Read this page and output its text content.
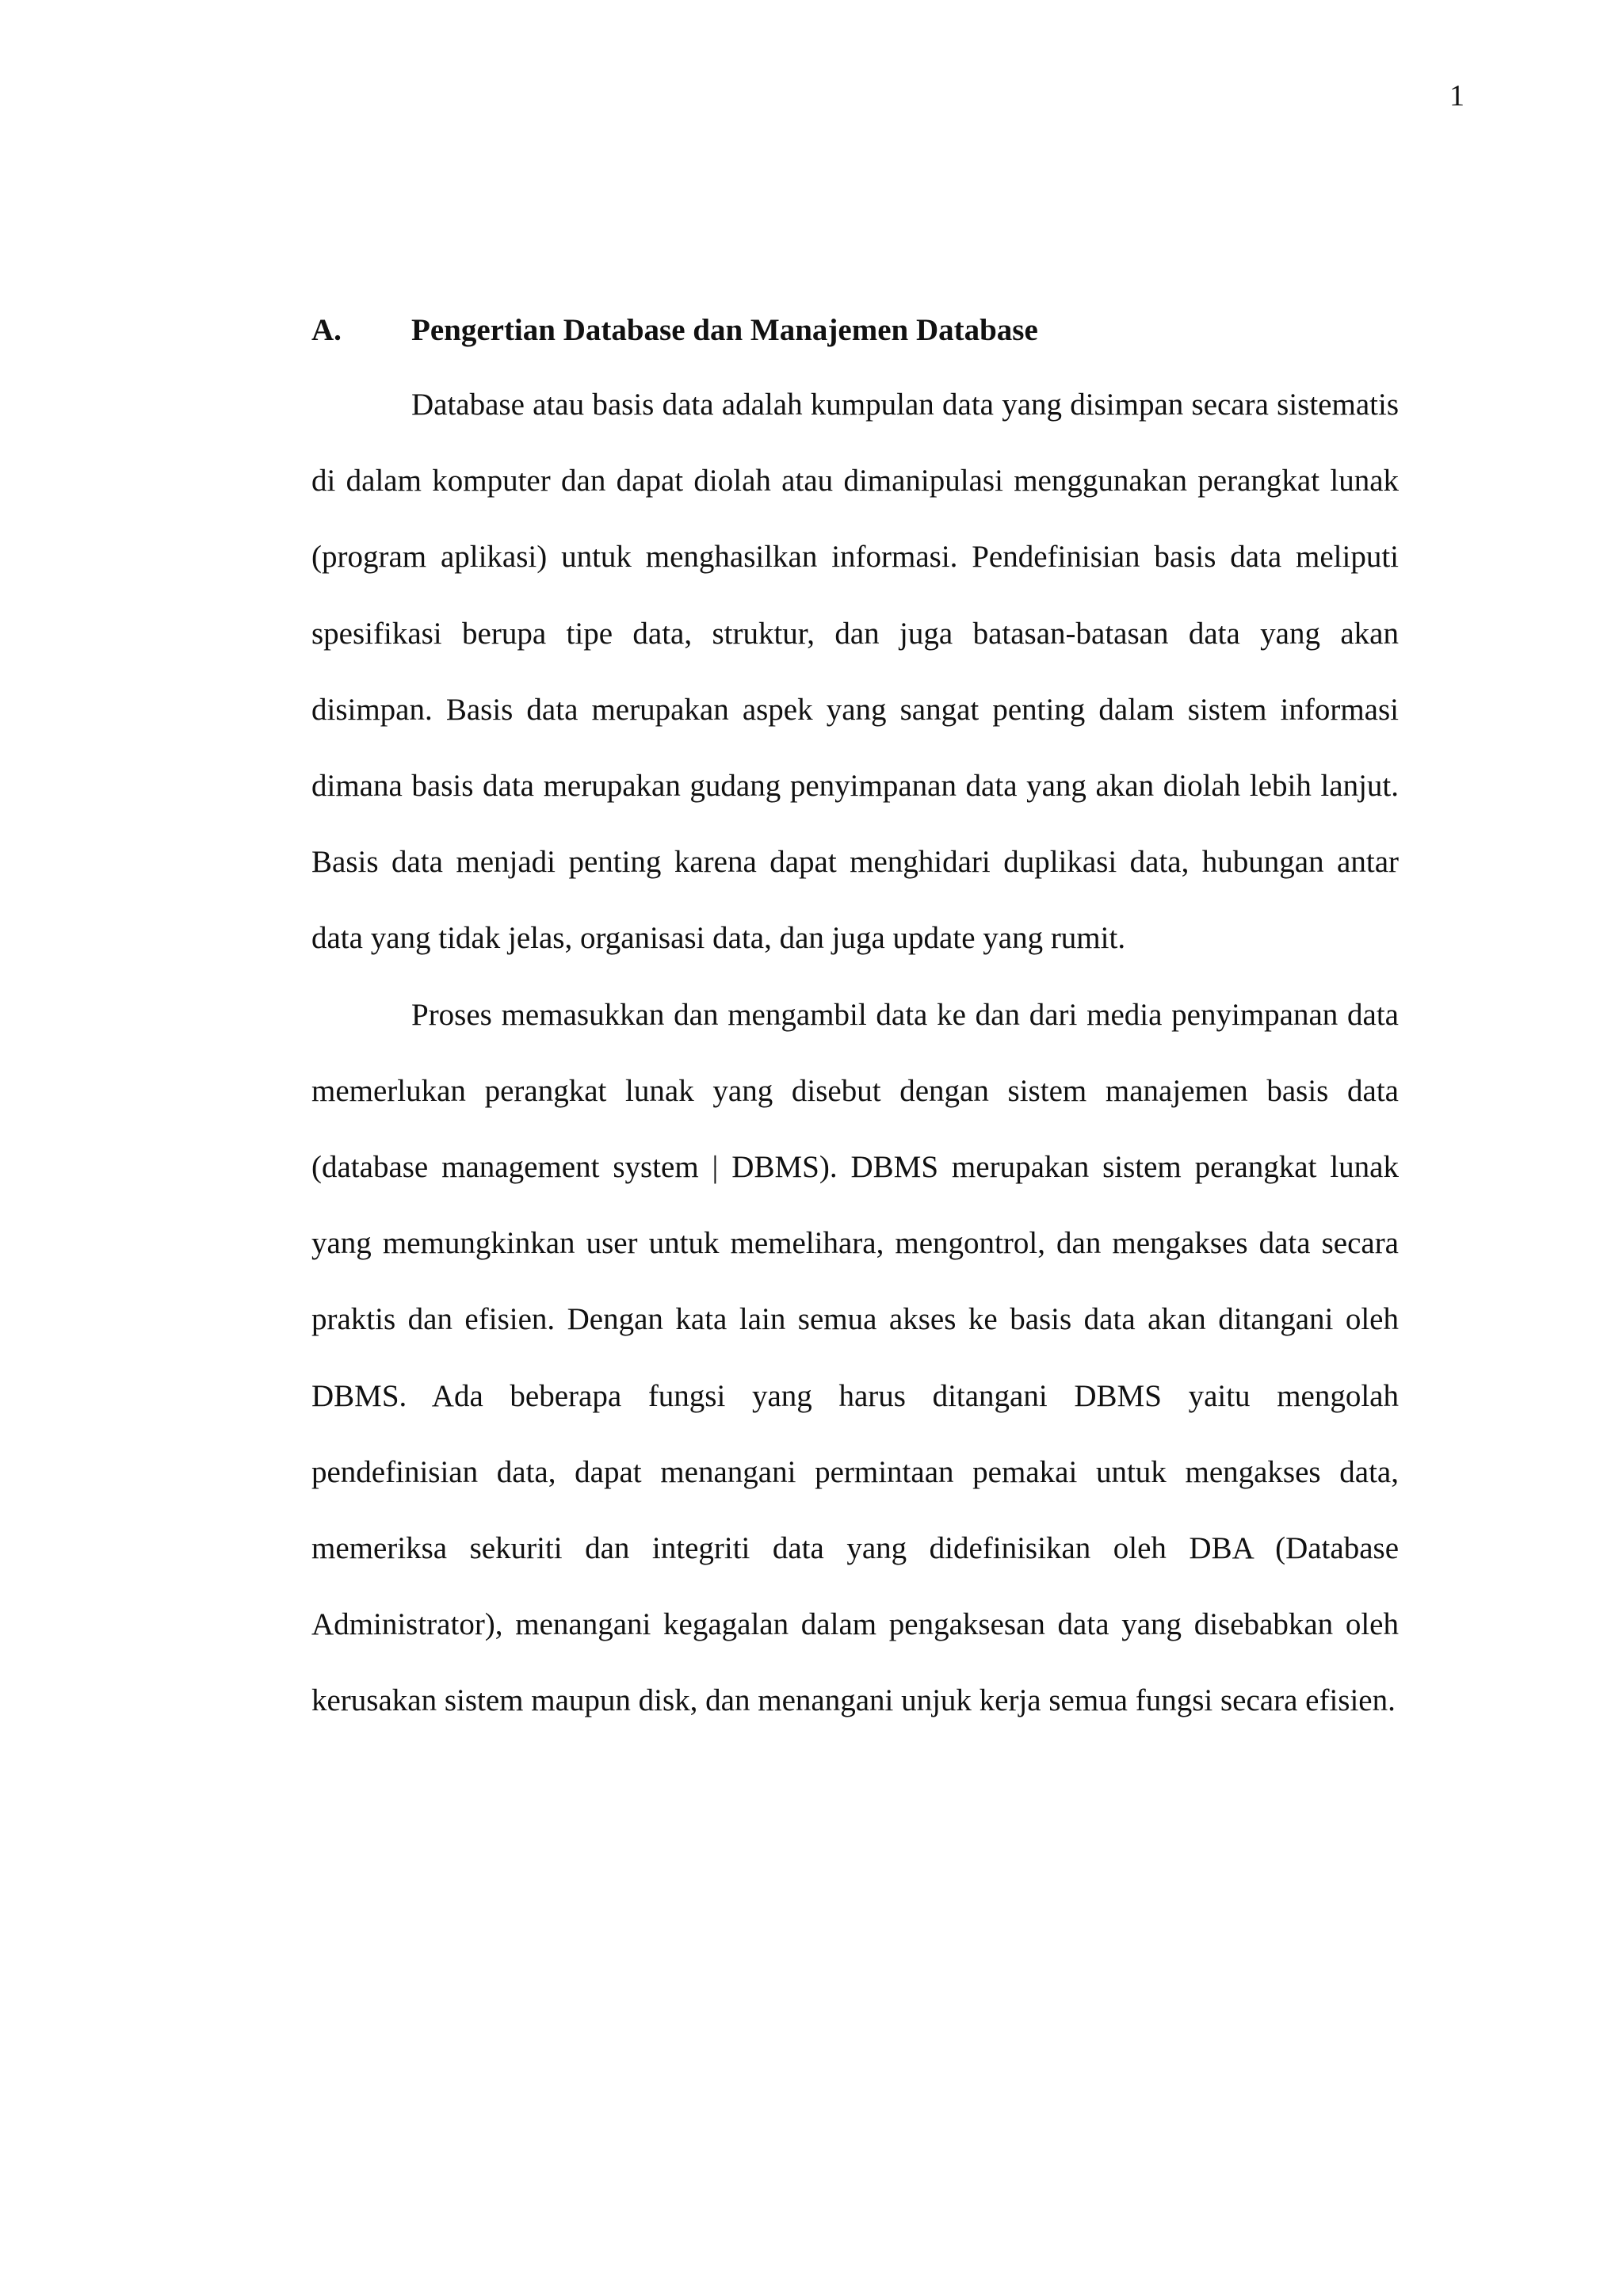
1
A.	Pengertian Database dan Manajemen Database

Database atau basis data adalah kumpulan data yang disimpan secara sistematis di dalam komputer dan dapat diolah atau dimanipulasi menggunakan perangkat lunak (program aplikasi) untuk menghasilkan informasi. Pendefinisian basis data meliputi spesifikasi berupa tipe data, struktur, dan juga batasan-batasan data yang akan disimpan. Basis data merupakan aspek yang sangat penting dalam sistem informasi dimana basis data merupakan gudang penyimpanan data yang akan diolah lebih lanjut. Basis data menjadi penting karena dapat menghidari duplikasi data, hubungan antar data yang tidak jelas, organisasi data, dan juga update yang rumit.

Proses memasukkan dan mengambil data ke dan dari media penyimpanan data memerlukan perangkat lunak yang disebut dengan sistem manajemen basis data (database management system | DBMS). DBMS merupakan sistem perangkat lunak yang memungkinkan user untuk memelihara, mengontrol, dan mengakses data secara praktis dan efisien. Dengan kata lain semua akses ke basis data akan ditangani oleh DBMS. Ada beberapa fungsi yang harus ditangani DBMS yaitu mengolah pendefinisian data, dapat menangani permintaan pemakai untuk mengakses data, memeriksa sekuriti dan integriti data yang didefinisikan oleh DBA (Database Administrator), menangani kegagalan dalam pengaksesan data yang disebabkan oleh kerusakan sistem maupun disk, dan menangani unjuk kerja semua fungsi secara efisien.
